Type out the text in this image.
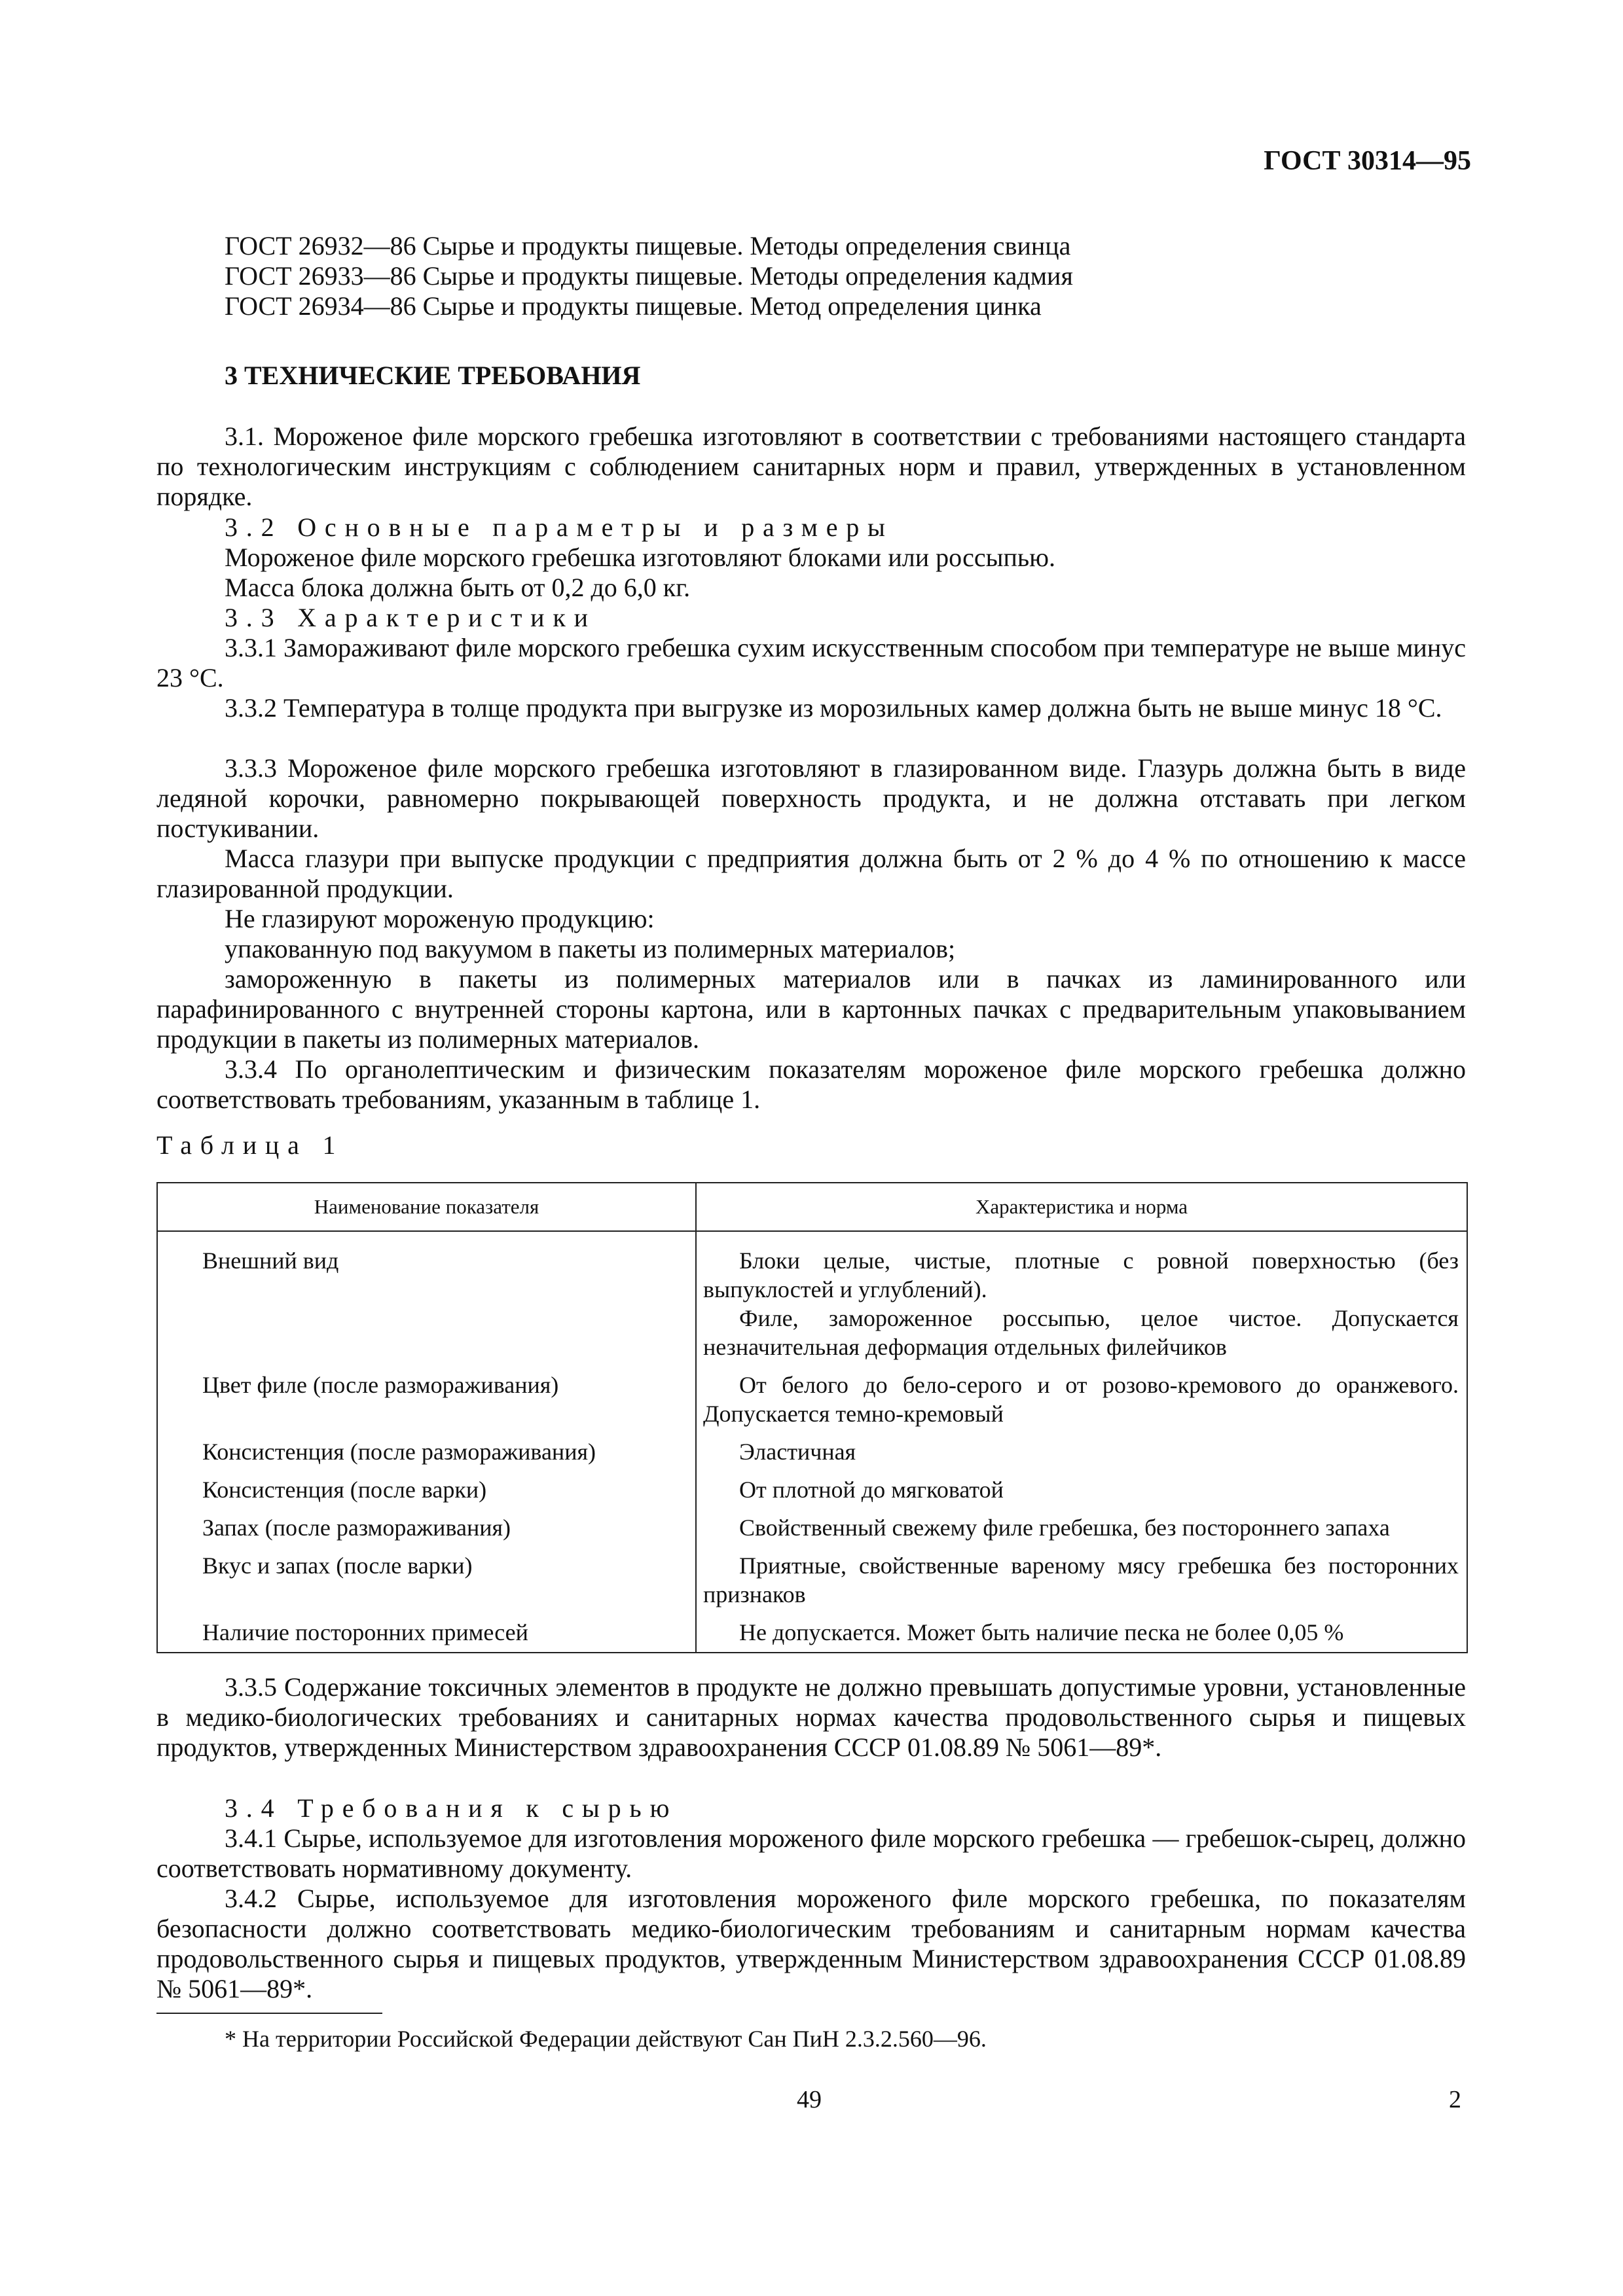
ГОСТ 30314—95
ГОСТ 26932—86 Сырье и продукты пищевые. Методы определения свинца
ГОСТ 26933—86 Сырье и продукты пищевые. Методы определения кадмия
ГОСТ 26934—86 Сырье и продукты пищевые. Метод определения цинка
3 ТЕХНИЧЕСКИЕ ТРЕБОВАНИЯ
3.1. Мороженое филе морского гребешка изготовляют в соответствии с требованиями настоящего стандарта по технологическим инструкциям с соблюдением санитарных норм и правил, утвержденных в установленном порядке.
3.2 Основные параметры и размеры
Мороженое филе морского гребешка изготовляют блоками или россыпью.
Масса блока должна быть от 0,2 до 6,0 кг.
3.3 Характеристики
3.3.1 Замораживают филе морского гребешка сухим искусственным способом при температуре не выше минус 23 °С.
3.3.2 Температура в толще продукта при выгрузке из морозильных камер должна быть не выше минус 18 °С.
3.3.3 Мороженое филе морского гребешка изготовляют в глазированном виде. Глазурь должна быть в виде ледяной корочки, равномерно покрывающей поверхность продукта, и не должна отставать при легком постукивании.
Масса глазури при выпуске продукции с предприятия должна быть от 2 % до 4 % по отношению к массе глазированной продукции.
Не глазируют мороженую продукцию:
упакованную под вакуумом в пакеты из полимерных материалов;
замороженную в пакеты из полимерных материалов или в пачках из ламинированного или парафинированного с внутренней стороны картона, или в картонных пачках с предварительным упаковыванием продукции в пакеты из полимерных материалов.
3.3.4 По органолептическим и физическим показателям мороженое филе морского гребешка должно соответствовать требованиям, указанным в таблице 1.
Таблица 1
Наименование показателя	Характеристика и норма
Внешний вид	Блоки целые, чистые, плотные с ровной поверхностью (без выпуклостей и углублений).

Филе, замороженное россыпью, целое чистое. Допускается незначительная деформация отдельных филейчиков

Цвет филе (после размораживания)	От белого до бело-серого и от розово-кремового до оранжевого. Допускается темно-кремовый

Консистенция (после размораживания)	Эластичная

Консистенция (после варки)	От плотной до мягковатой

Запах (после размораживания)	Свойственный свежему филе гребешка, без постороннего запаха

Вкус и запах (после варки)	Приятные, свойственные вареному мясу гребешка без посторонних признаков

Наличие посторонних примесей	Не допускается. Может быть наличие песка не более 0,05 %

3.3.5 Содержание токсичных элементов в продукте не должно превышать допустимые уровни, установленные в медико-биологических требованиях и санитарных нормах качества продовольственного сырья и пищевых продуктов, утвержденных Министерством здравоохранения СССР 01.08.89 № 5061—89*.
3.4 Требования к сырью
3.4.1 Сырье, используемое для изготовления мороженого филе морского гребешка — гребешок-сырец, должно соответствовать нормативному документу.
3.4.2 Сырье, используемое для изготовления мороженого филе морского гребешка, по показателям безопасности должно соответствовать медико-биологическим требованиям и санитарным нормам качества продовольственного сырья и пищевых продуктов, утвержденным Министерством здравоохранения СССР 01.08.89 № 5061—89*.
* На территории Российской Федерации действуют Сан ПиН 2.3.2.560—96.
49	2
